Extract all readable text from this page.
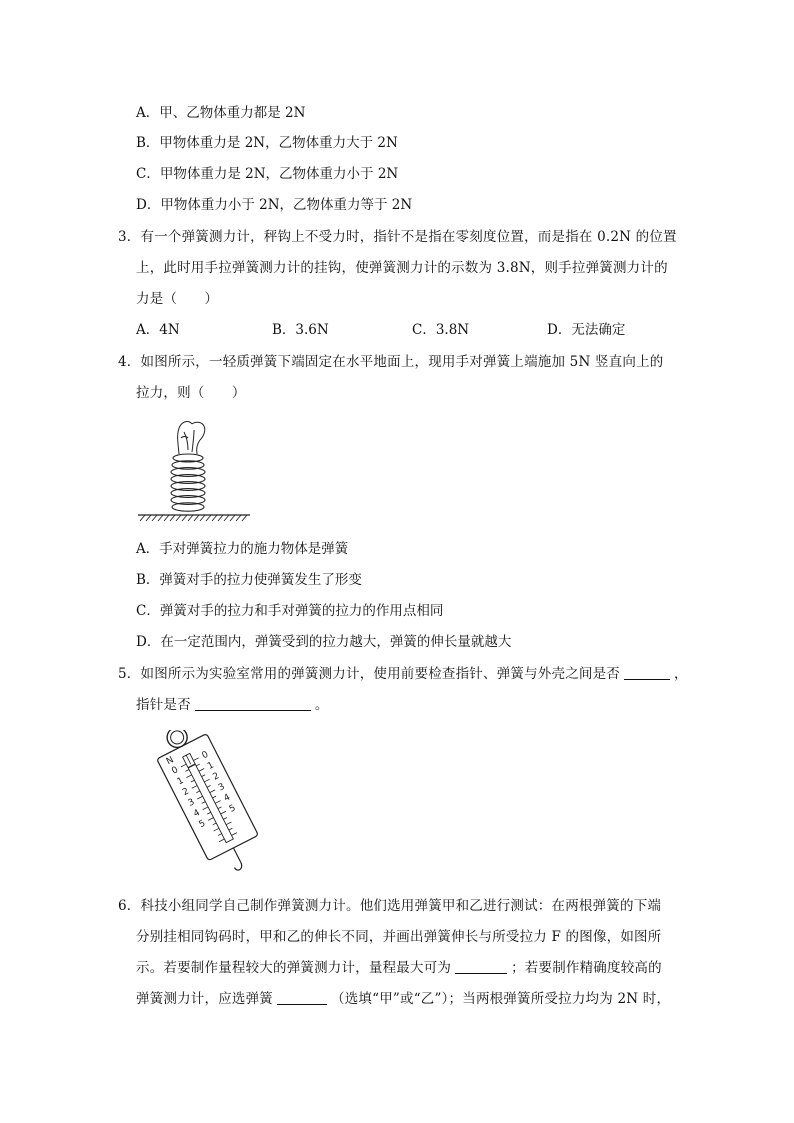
A．甲、乙物体重力都是 2N
B．甲物体重力是 2N，乙物体重力大于 2N
C．甲物体重力是 2N，乙物体重力小于 2N
D．甲物体重力小于 2N，乙物体重力等于 2N
3．有一个弹簧测力计，秤钩上不受力时，指针不是指在零刻度位置，而是指在 0.2N 的位置
上，此时用手拉弹簧测力计的挂钩，使弹簧测力计的示数为 3.8N，则手拉弹簧测力计的
力是（　　）
A．4N	B．3.6N	C．3.8N	D．无法确定
4．如图所示，一轻质弹簧下端固定在水平地面上，现用手对弹簧上端施加 5N 竖直向上的
拉力，则（　　）
A．手对弹簧拉力的施力物体是弹簧
B．弹簧对手的拉力使弹簧发生了形变
C．弹簧对手的拉力和手对弹簧的拉力的作用点相同
D．在一定范围内，弹簧受到的拉力越大，弹簧的伸长量就越大
5．如图所示为实验室常用的弹簧测力计，使用前要检查指针、弹簧与外壳之间是否	，
指针是否	。
0
1
2
3
4
5
0
1
2
3
4
5
N
6．科技小组同学自己制作弹簧测力计。他们选用弹簧甲和乙进行测试：在两根弹簧的下端
分别挂相同钩码时，甲和乙的伸长不同，并画出弹簧伸长与所受拉力 F 的图像，如图所
示。若要制作量程较大的弹簧测力计，量程最大可为	；若要制作精确度较高的
弹簧测力计，应选弹簧	（选填“甲”或“乙”）；当两根弹簧所受拉力均为 2N 时，
